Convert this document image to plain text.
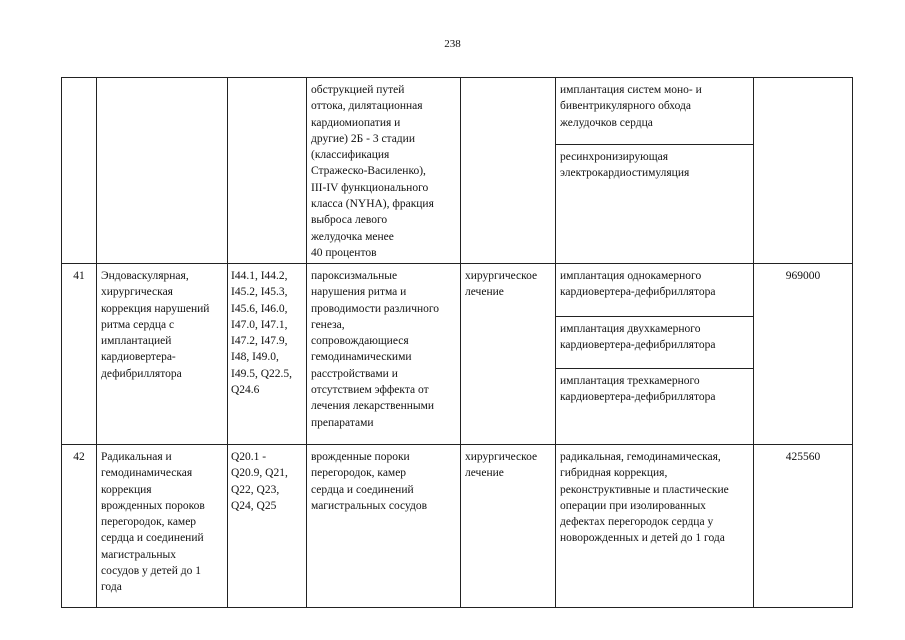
238
обструкцией путей
оттока, дилятационная
кардиомиопатия и
другие) 2Б - 3 стадии
(классификация
Стражеско-Василенко),
III-IV функционального
класса (NYHA), фракция
выброса левого
желудочка менее
40 процентов
имплантация систем моно- и
бивентрикулярного обхода
желудочков сердца
ресинхронизирующая
электрокардиостимуляция
41	Эндоваскулярная,
хирургическая
коррекция нарушений
ритма сердца с
имплантацией
кардиовертера-
дефибриллятора
I44.1, I44.2,
I45.2, I45.3,
I45.6, I46.0,
I47.0, I47.1,
I47.2, I47.9,
I48, I49.0,
I49.5, Q22.5,
Q24.6
пароксизмальные
нарушения ритма и
проводимости различного
генеза,
сопровождающиеся
гемодинамическими
расстройствами и
отсутствием эффекта от
лечения лекарственными
препаратами
хирургическое
лечение
имплантация однокамерного
кардиовертера-дефибриллятора
имплантация двухкамерного
кардиовертера-дефибриллятора
имплантация трехкамерного
кардиовертера-дефибриллятора
969000
42	Радикальная и
гемодинамическая
коррекция
врожденных пороков
перегородок, камер
сердца и соединений
магистральных
сосудов у детей до 1
года
Q20.1 -
Q20.9, Q21,
Q22, Q23,
Q24, Q25
врожденные пороки
перегородок, камер
сердца и соединений
магистральных сосудов
хирургическое
лечение
радикальная, гемодинамическая,
гибридная коррекция,
реконструктивные и пластические
операции при изолированных
дефектах перегородок сердца у
новорожденных и детей до 1 года
425560
